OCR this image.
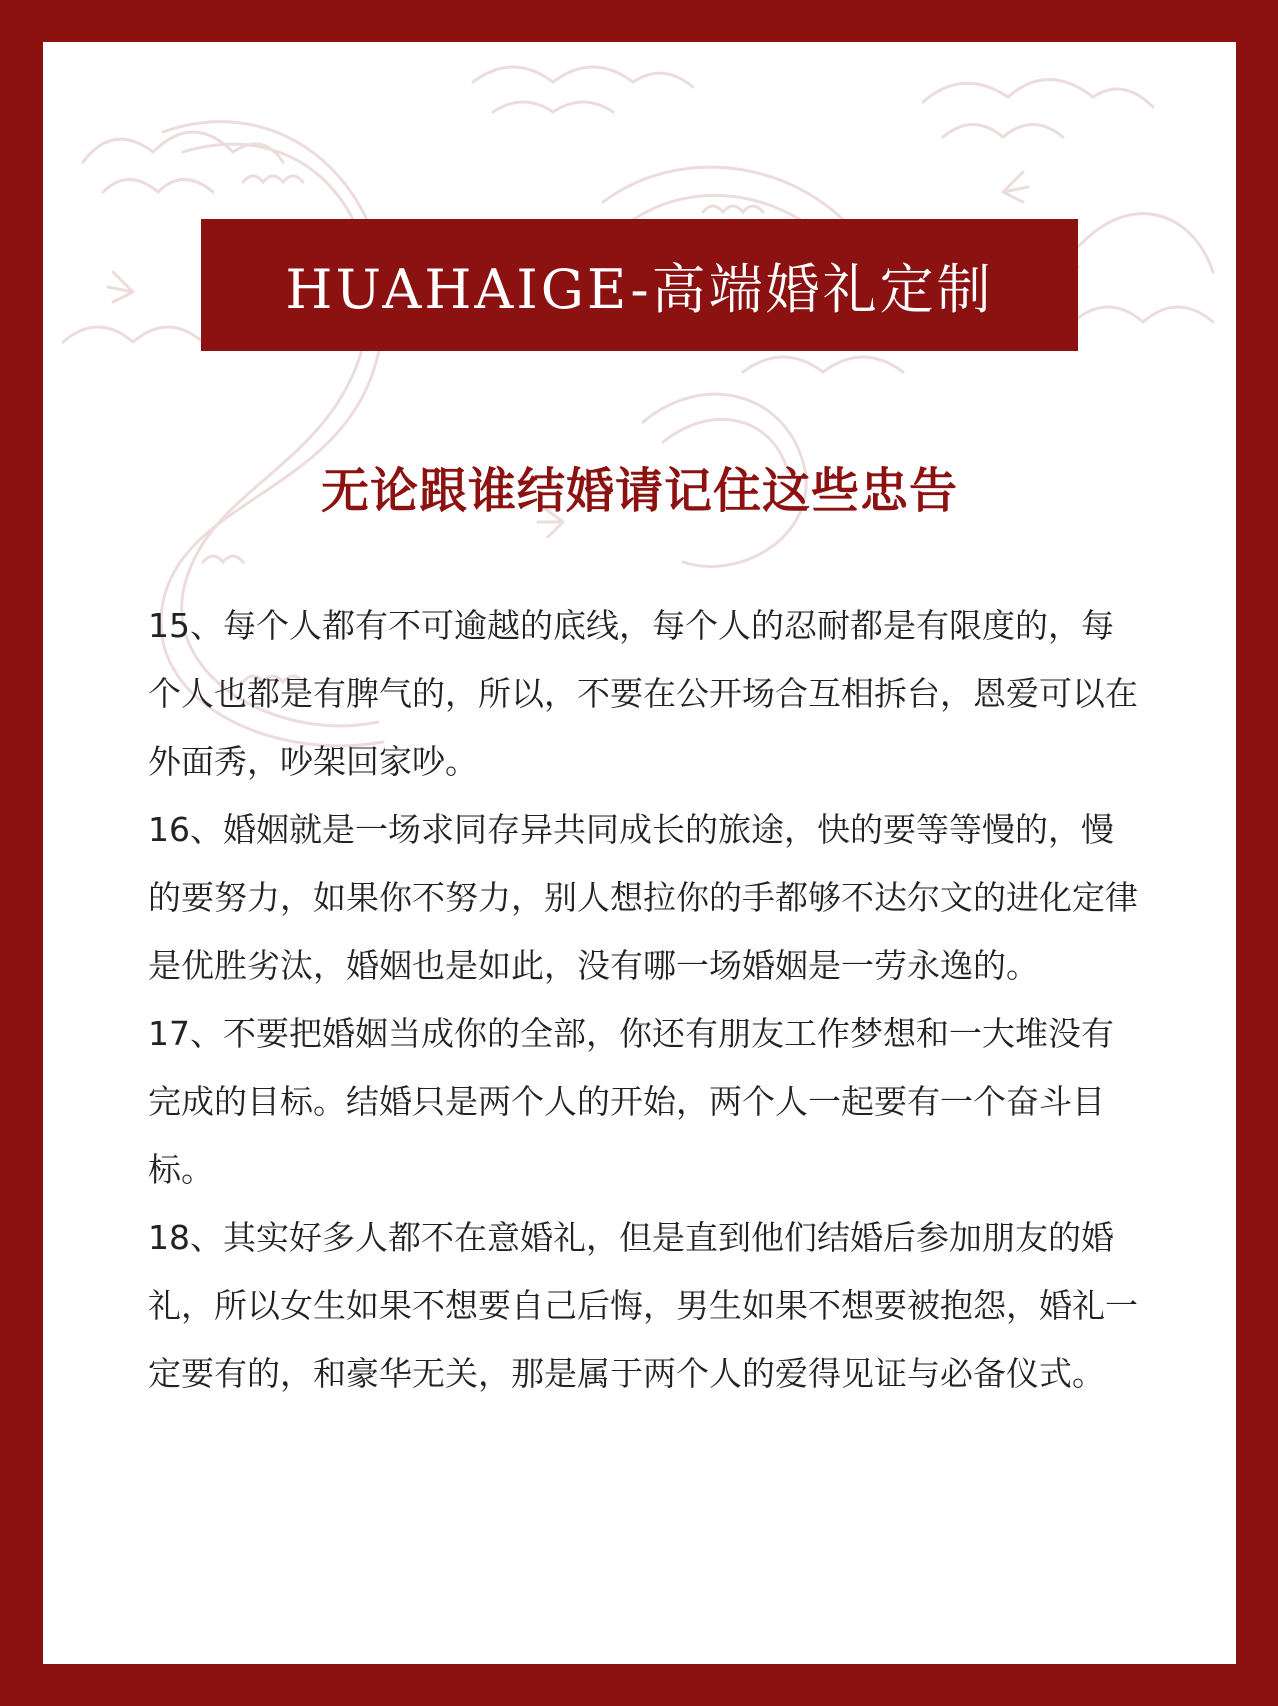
HUAHAIGE-高端婚礼定制
无论跟谁结婚请记住这些忠告

15、每个人都有不可逾越的底线，每个人的忍耐都是有限度的，每个人也都是有脾气的，所以，不要在公开场合互相拆台，恩爱可以在外面秀，吵架回家吵。

16、婚姻就是一场求同存异共同成长的旅途，快的要等等慢的，慢的要努力，如果你不努力，别人想拉你的手都够不达尔文的进化定律是优胜劣汰，婚姻也是如此，没有哪一场婚姻是一劳永逸的。

17、不要把婚姻当成你的全部，你还有朋友工作梦想和一大堆没有完成的目标。结婚只是两个人的开始，两个人一起要有一个奋斗目标。

18、其实好多人都不在意婚礼，但是直到他们结婚后参加朋友的婚礼，所以女生如果不想要自己后悔，男生如果不想要被抱怨，婚礼一定要有的，和豪华无关，那是属于两个人的爱得见证与必备仪式。
